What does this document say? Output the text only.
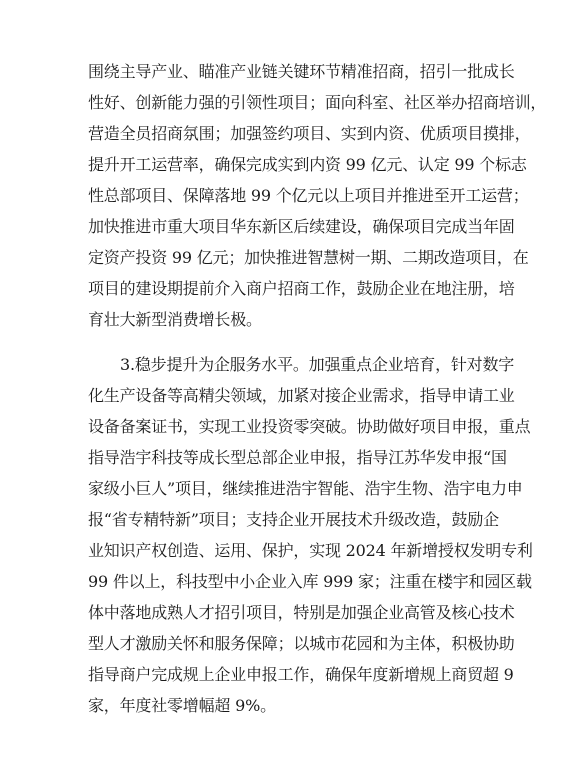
围绕主导产业、瞄准产业链关键环节精准招商，招引一批成长
性好、创新能力强的引领性项目；面向科室、社区举办招商培训，
营造全员招商氛围；加强签约项目、实到内资、优质项目摸排，
提升开工运营率，确保完成实到内资 99 亿元、认定 99 个标志
性总部项目、保障落地 99 个亿元以上项目并推进至开工运营；
加快推进市重大项目华东新区后续建设，确保项目完成当年固
定资产投资 99 亿元；加快推进智慧树一期、二期改造项目，在
项目的建设期提前介入商户招商工作，鼓励企业在地注册，培
育壮大新型消费增长极。
3.稳步提升为企服务水平。加强重点企业培育，针对数字
化生产设备等高精尖领域，加紧对接企业需求，指导申请工业
设备备案证书，实现工业投资零突破。协助做好项目申报，重点
指导浩宇科技等成长型总部企业申报，指导江苏华发申报“国
家级小巨人”项目，继续推进浩宇智能、浩宇生物、浩宇电力申
报“省专精特新”项目；支持企业开展技术升级改造，鼓励企
业知识产权创造、运用、保护，实现 2024 年新增授权发明专利
99 件以上，科技型中小企业入库 999 家；注重在楼宇和园区载
体中落地成熟人才招引项目，特别是加强企业高管及核心技术
型人才激励关怀和服务保障；以城市花园和为主体，积极协助
指导商户完成规上企业申报工作，确保年度新增规上商贸超 9
家，年度社零增幅超 9%。
